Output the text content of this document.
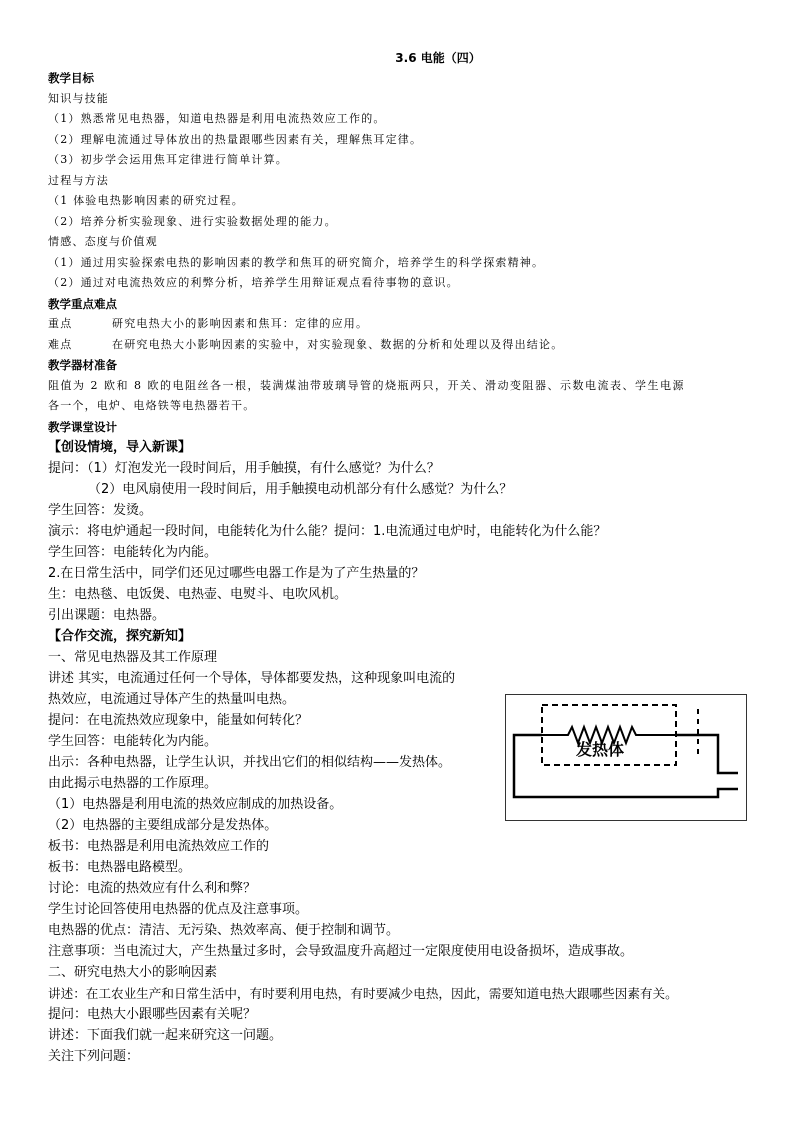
3.6 电能（四）
教学目标
知识与技能
（1）熟悉常见电热器，知道电热器是利用电流热效应工作的。
（2）理解电流通过导体放出的热量跟哪些因素有关，理解焦耳定律。
（3）初步学会运用焦耳定律进行简单计算。
过程与方法
（1 体验电热影响因素的研究过程。
（2）培养分析实验现象、进行实验数据处理的能力。
情感、态度与价值观
（1）通过用实验探索电热的影响因素的教学和焦耳的研究简介，培养学生的科学探索精神。
（2）通过对电流热效应的利弊分析，培养学生用辩证观点看待事物的意识。
教学重点难点
重点	研究电热大小的影响因素和焦耳：定律的应用。
难点	在研究电热大小影响因素的实验中，对实验现象、数据的分析和处理以及得出结论。
教学器材准备
阻值为 2 欧和 8 欧的电阻丝各一根，装满煤油带玻璃导管的烧瓶两只，开关、滑动变阻器、示数电流表、学生电源
各一个，电炉、电烙铁等电热器若干。
教学课堂设计
【创设情境，导入新课】
提问：（1）灯泡发光一段时间后，用手触摸，有什么感觉？为什么？
（2）电风扇使用一段时间后，用手触摸电动机部分有什么感觉？为什么？
学生回答：发烫。
演示：将电炉通起一段时间，电能转化为什么能？提问：1.电流通过电炉时，电能转化为什么能？
学生回答：电能转化为内能。
2.在日常生活中，同学们还见过哪些电器工作是为了产生热量的？
生：电热毯、电饭煲、电热壶、电熨斗、电吹风机。
引出课题：电热器。
【合作交流，探究新知】
一、常见电热器及其工作原理
讲述 其实，电流通过任何一个导体，导体都要发热，这种现象叫电流的
热效应，电流通过导体产生的热量叫电热。
提问：在电流热效应现象中，能量如何转化？
学生回答：电能转化为内能。
出示：各种电热器，让学生认识，并找出它们的相似结构——发热体。
由此揭示电热器的工作原理。
（1）电热器是利用电流的热效应制成的加热设备。
（2）电热器的主要组成部分是发热体。
板书：电热器是利用电流热效应工作的
板书：电热器电路模型。
讨论：电流的热效应有什么利和弊？
学生讨论回答使用电热器的优点及注意事项。
电热器的优点：清洁、无污染、热效率高、便于控制和调节。
注意事项：当电流过大，产生热量过多时，会导致温度升高超过一定限度使用电设备损坏，造成事故。
二、研究电热大小的影响因素
讲述：在工农业生产和日常生活中，有时要利用电热，有时要减少电热，因此，需要知道电热大跟哪些因素有关。
提问：电热大小跟哪些因素有关呢？
讲述：下面我们就一起来研究这一问题。
关注下列问题：
发热体
